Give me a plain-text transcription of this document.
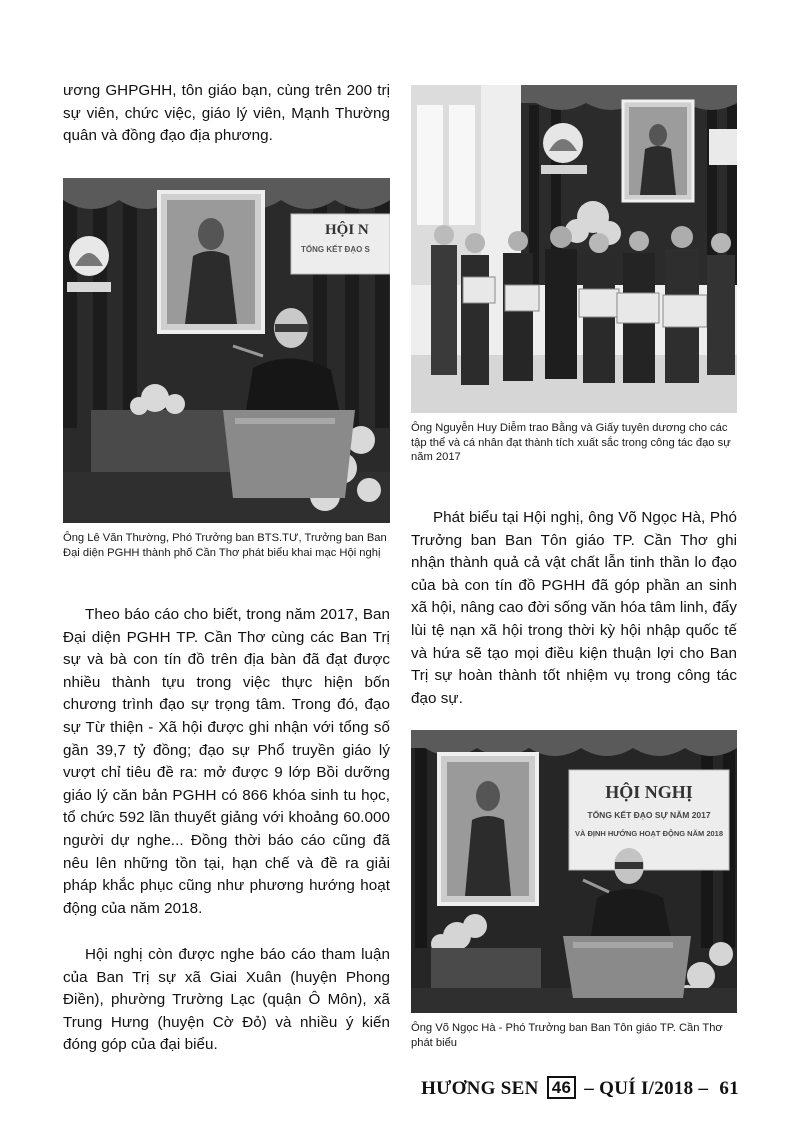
ương GHPGHH, tôn giáo bạn, cùng trên 200 trị sự viên, chức việc, giáo lý viên, Mạnh Thường quân và đồng đạo địa phương.

HỘI N
TỔNG KẾT ĐẠO S

Ông Lê Văn Thường, Phó Trưởng ban BTS.TƯ, Trưởng ban Ban Đại diện PGHH thành phố Cần Thơ phát biểu khai mạc Hội nghị

Theo báo cáo cho biết, trong năm 2017, Ban Đại diện PGHH TP. Cần Thơ cùng các Ban Trị sự và bà con tín đồ trên địa bàn đã đạt được nhiều thành tựu trong việc thực hiện bốn chương trình đạo sự trọng tâm. Trong đó, đạo sự Từ thiện - Xã hội được ghi nhận với tổng số gần 39,7 tỷ đồng; đạo sự Phổ truyền giáo lý vượt chỉ tiêu đề ra: mở được 9 lớp Bồi dưỡng giáo lý căn bản PGHH có 866 khóa sinh tu học, tổ chức 592 lần thuyết giảng với khoảng 60.000 người dự nghe... Đồng thời báo cáo cũng đã nêu lên những tồn tại, hạn chế và đề ra giải pháp khắc phục cũng như phương hướng hoạt động của năm 2018.

Hội nghị còn được nghe báo cáo tham luận của Ban Trị sự xã Giai Xuân (huyện Phong Điền), phường Trường Lạc (quận Ô Môn), xã Trung Hưng (huyện Cờ Đỏ) và nhiều ý kiến đóng góp của đại biểu.

Ông Nguyễn Huy Diễm trao Bằng và Giấy tuyên dương cho các tập thể và cá nhân đạt thành tích xuất sắc trong công tác đạo sự năm 2017

Phát biểu tại Hội nghị, ông Võ Ngọc Hà, Phó Trưởng ban Ban Tôn giáo TP. Cần Thơ ghi nhận thành quả cả vật chất lẫn tinh thần lo đạo của bà con tín đồ PGHH đã góp phần an sinh xã hội, nâng cao đời sống văn hóa tâm linh, đẩy lùi tệ nạn xã hội trong thời kỳ hội nhập quốc tế và hứa sẽ tạo mọi điều kiện thuận lợi cho Ban Trị sự hoàn thành tốt nhiệm vụ trong công tác đạo sự.

HỘI NGHỊ
TỔNG KẾT ĐẠO SỰ NĂM 2017
VÀ ĐỊNH HƯỚNG HOẠT ĐỘNG NĂM 2018

Ông Võ Ngọc Hà - Phó Trưởng ban Ban Tôn giáo TP. Cần Thơ phát biểu

HƯƠNG SEN 46 – QUÍ I/2018 – 61
